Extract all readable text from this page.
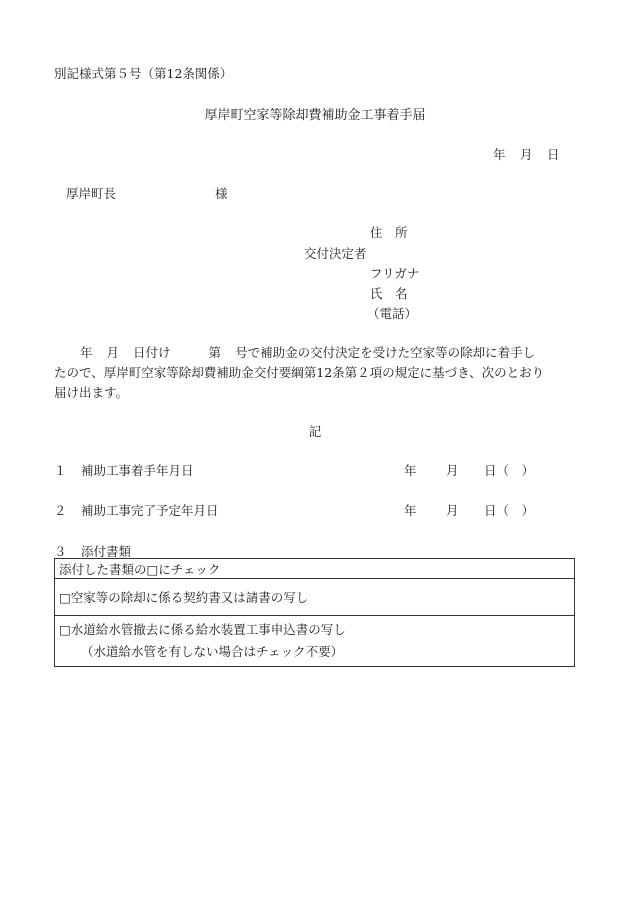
別記様式第５号（第12条関係）
厚岸町空家等除却費補助金工事着手届
年 月 日
厚岸町長	様
住　所
交付決定者
フリガナ
氏　名
（電話）
年 月 日付け	第 号で補助金の交付決定を受けた空家等の除却に着手し
たので、厚岸町空家等除却費補助金交付要綱第12条第２項の規定に基づき、次のとおり
届け出ます。
記
１ 補助工事着手年月日	年 月 日（　）
２ 補助工事完了予定年月日	年 月 日（　）
３ 添付書類
添付した書類の□にチェック
□空家等の除却に係る契約書又は請書の写し

□水道給水管撤去に係る給水装置工事申込書の写し
（水道給水管を有しない場合はチェック不要）
